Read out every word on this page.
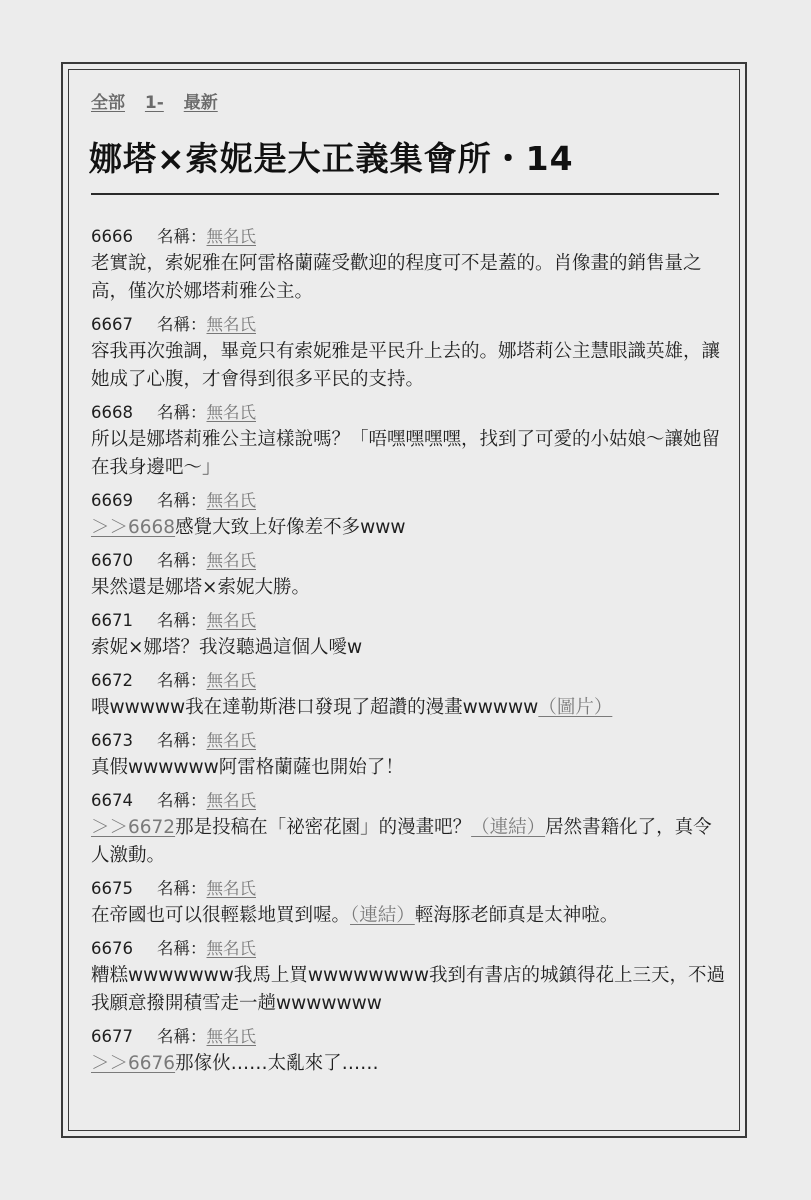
全部 1- 最新
娜塔×索妮是大正義集會所・14
6666 名稱：無名氏

老實說，索妮雅在阿雷格蘭薩受歡迎的程度可不是蓋的。肖像畫的銷售量之高，僅次於娜塔莉雅公主。

6667 名稱：無名氏

容我再次強調，畢竟只有索妮雅是平民升上去的。娜塔莉公主慧眼識英雄，讓她成了心腹，才會得到很多平民的支持。

6668 名稱：無名氏

所以是娜塔莉雅公主這樣說嗎？「唔嘿嘿嘿嘿，找到了可愛的小姑娘〜讓她留在我身邊吧〜」

6669 名稱：無名氏

＞＞6668感覺大致上好像差不多www

6670 名稱：無名氏

果然還是娜塔×索妮大勝。

6671 名稱：無名氏

索妮×娜塔？我沒聽過這個人噯w

6672 名稱：無名氏

喂wwwww我在達勒斯港口發現了超讚的漫畫wwwww（圖片）

6673 名稱：無名氏

真假wwwwww阿雷格蘭薩也開始了！

6674 名稱：無名氏

＞＞6672那是投稿在「祕密花園」的漫畫吧？（連結）居然書籍化了，真令人激動。

6675 名稱：無名氏

在帝國也可以很輕鬆地買到喔。（連結）輕海豚老師真是太神啦。

6676 名稱：無名氏

糟糕wwwwwww我馬上買wwwwwwww我到有書店的城鎮得花上三天，不過我願意撥開積雪走一趟wwwwwww

6677 名稱：無名氏

＞＞6676那傢伙……太亂來了……
